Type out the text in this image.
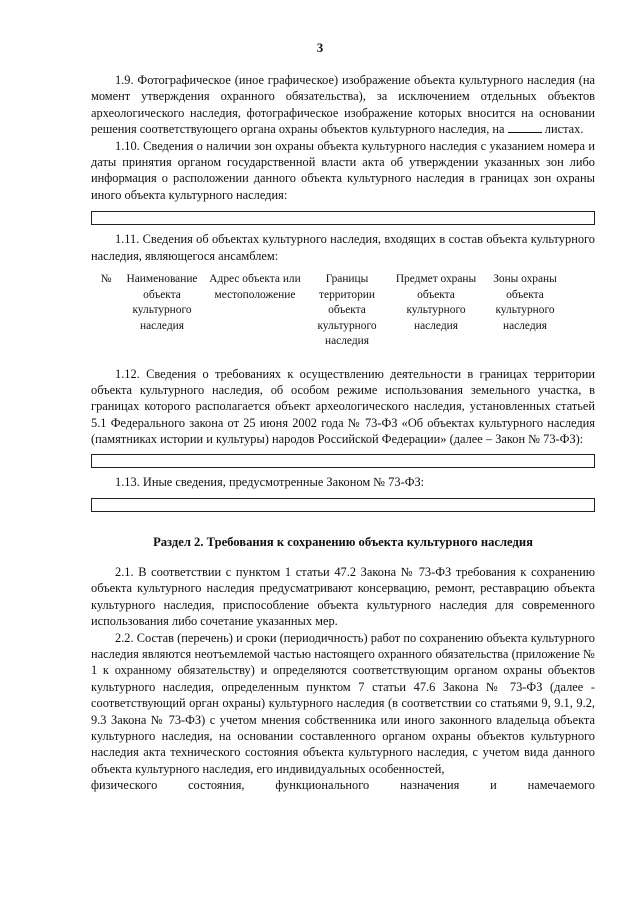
3

1.9. Фотографическое (иное графическое) изображение объекта культурного наследия (на момент утверждения охранного обязательства), за исключением отдельных объектов археологического наследия, фотографическое изображение которых вносится на основании решения соответствующего органа охраны объектов культурного наследия, на	листах.

1.10. Сведения о наличии зон охраны объекта культурного наследия с указанием номера и даты принятия органом государственной власти акта об утверждении указанных зон либо информация о расположении данного объекта культурного наследия в границах зон охраны иного объекта культурного наследия:

1.11. Сведения об объектах культурного наследия, входящих в состав объекта культурного наследия, являющегося ансамблем:

№	Наименование объекта культурного наследия
Адрес объекта или местоположение
Границы территории объекта культурного наследия
Предмет охраны объекта культурного наследия
Зоны охраны объекта культурного наследия

1.12. Сведения о требованиях к осуществлению деятельности в границах территории объекта культурного наследия, об особом режиме использования земельного участка, в границах которого располагается объект археологического наследия, установленных статьей 5.1 Федерального закона от 25 июня 2002 года № 73-ФЗ «Об объектах культурного наследия (памятниках истории и культуры) народов Российской Федерации» (далее – Закон № 73-ФЗ):

1.13. Иные сведения, предусмотренные Законом № 73-ФЗ:

Раздел 2. Требования к сохранению объекта культурного наследия

2.1. В соответствии с пунктом 1 статьи 47.2 Закона № 73-ФЗ требования к сохранению объекта культурного наследия предусматривают консервацию, ремонт, реставрацию объекта культурного наследия, приспособление объекта культурного наследия для современного использования либо сочетание указанных мер.

2.2. Состав (перечень) и сроки (периодичность) работ по сохранению объекта культурного наследия являются неотъемлемой частью настоящего охранного обязательства (приложение № 1 к охранному обязательству) и определяются соответствующим органом охраны объектов культурного наследия, определенным пунктом 7 статьи 47.6 Закона № 73-ФЗ (далее - соответствующий орган охраны) культурного наследия (в соответствии со статьями 9, 9.1, 9.2, 9.3 Закона № 73-ФЗ) с учетом мнения собственника или иного законного владельца объекта культурного наследия, на основании составленного органом охраны объектов культурного наследия акта технического состояния объекта культурного наследия, с учетом вида данного объекта культурного наследия, его индивидуальных особенностей,

физического состояния, функционального назначения и намечаемого
